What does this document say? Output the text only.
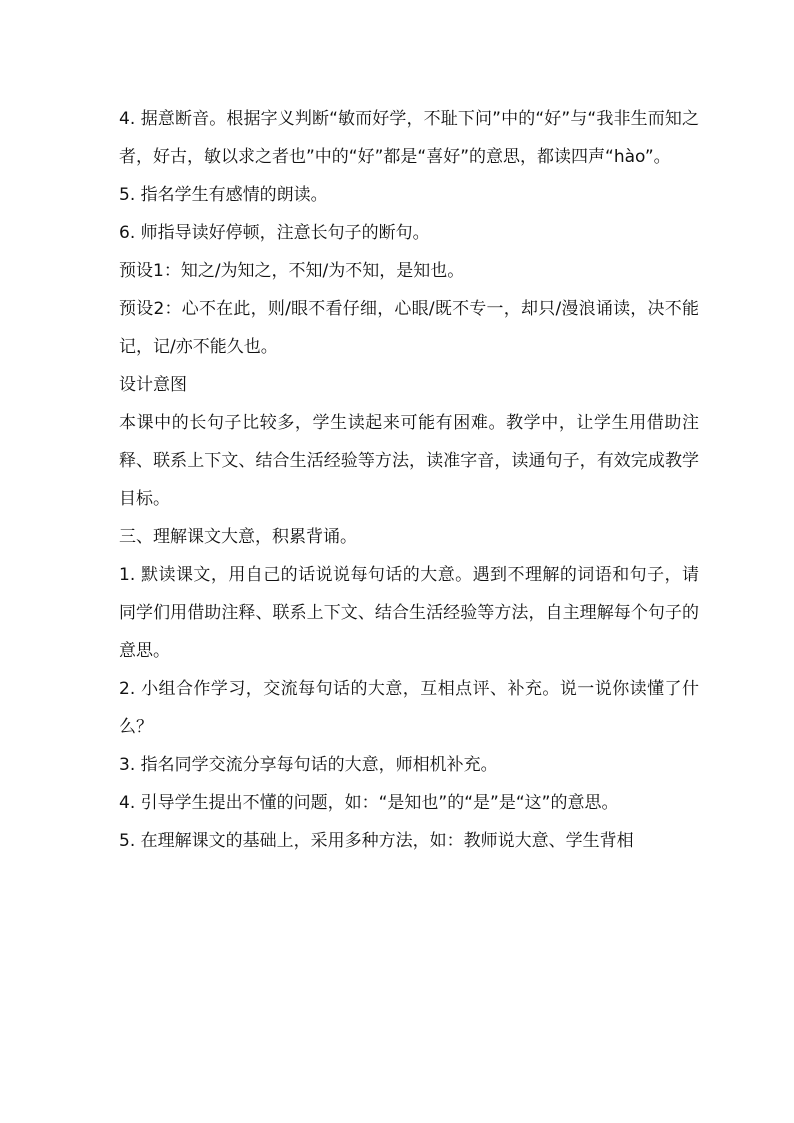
4. 据意断音。根据字义判断“敏而好学，不耻下问”中的“好”与“我非生而知之者，好古，敏以求之者也”中的“好”都是“喜好”的意思，都读四声“hào”。

5. 指名学生有感情的朗读。

6. 师指导读好停顿，注意长句子的断句。

预设1：知之/为知之，不知/为不知，是知也。

预设2：心不在此，则/眼不看仔细，心眼/既不专一，却只/漫浪诵读，决不能记，记/亦不能久也。

设计意图

本课中的长句子比较多，学生读起来可能有困难。教学中，让学生用借助注释、联系上下文、结合生活经验等方法，读准字音，读通句子，有效完成教学目标。

三、理解课文大意，积累背诵。

1. 默读课文，用自己的话说说每句话的大意。遇到不理解的词语和句子，请同学们用借助注释、联系上下文、结合生活经验等方法，自主理解每个句子的意思。

2. 小组合作学习，交流每句话的大意，互相点评、补充。说一说你读懂了什么？

3. 指名同学交流分享每句话的大意，师相机补充。

4. 引导学生提出不懂的问题，如：“是知也”的“是”是“这”的意思。

5. 在理解课文的基础上，采用多种方法，如：教师说大意、学生背相
